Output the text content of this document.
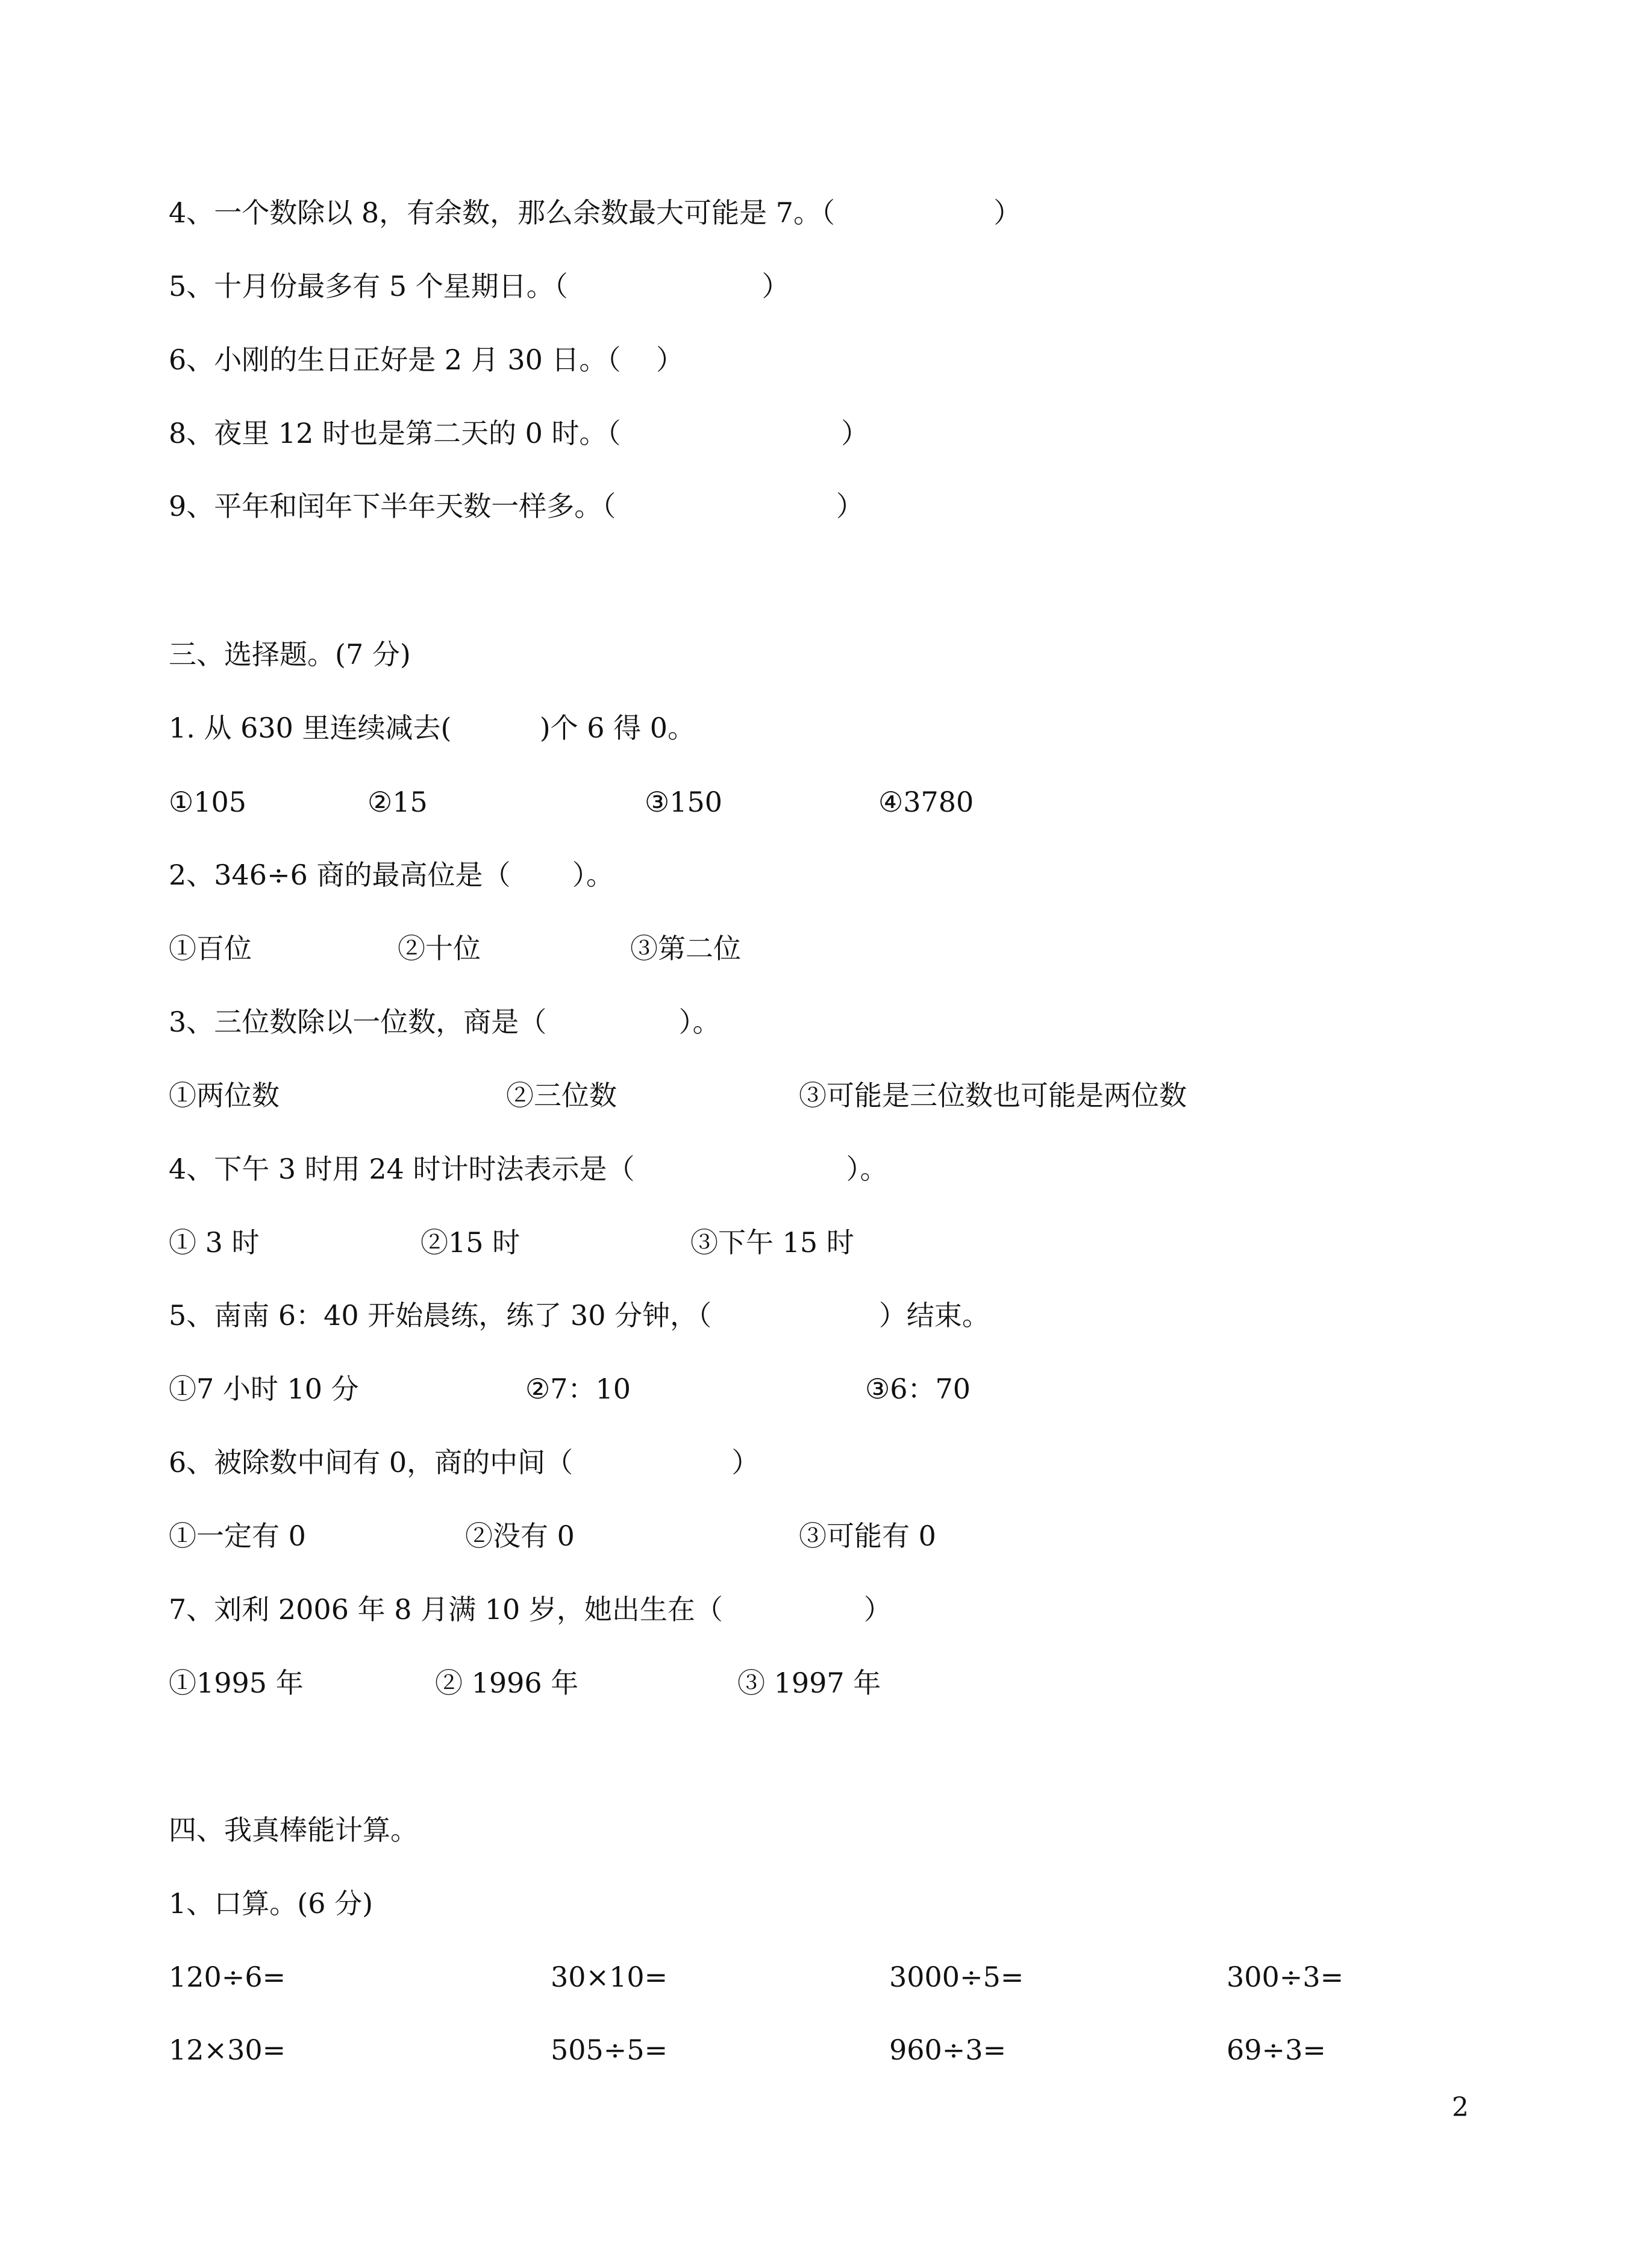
4、一个数除以 8，有余数，那么余数最大可能是 7。（                  ）
5、十月份最多有 5 个星期日。（                      ）
6、小刚的生日正好是 2 月 30 日。（    ）
8、夜里 12 时也是第二天的 0 时。（                         ）
9、平年和闰年下半年天数一样多。（                         ）
三、选择题。(7 分)
1. 从 630 里连续减去(          )个 6 得 0。
①105	②15	③150	④3780
2、346÷6 商的最高位是（       ）。
①百位	②十位	③第二位
3、三位数除以一位数，商是（               ）。
①两位数	②三位数	③可能是三位数也可能是两位数
4、下午 3 时用 24 时计时法表示是（                        ）。
① 3 时	②15 时	③下午 15 时
5、南南 6：40 开始晨练，练了 30 分钟，（                   ）结束。
①7 小时 10 分	②7：10	③6：70
6、被除数中间有 0，商的中间（                  ）
①一定有 0	②没有 0	③可能有 0
7、刘利 2006 年 8 月满 10 岁，她出生在（                ）
①1995 年	② 1996 年	③ 1997 年
四、我真棒能计算。
1、口算。(6 分)
120÷6=	30×10=	3000÷5=	300÷3=
12×30=	505÷5=	960÷3=	69÷3=
2
